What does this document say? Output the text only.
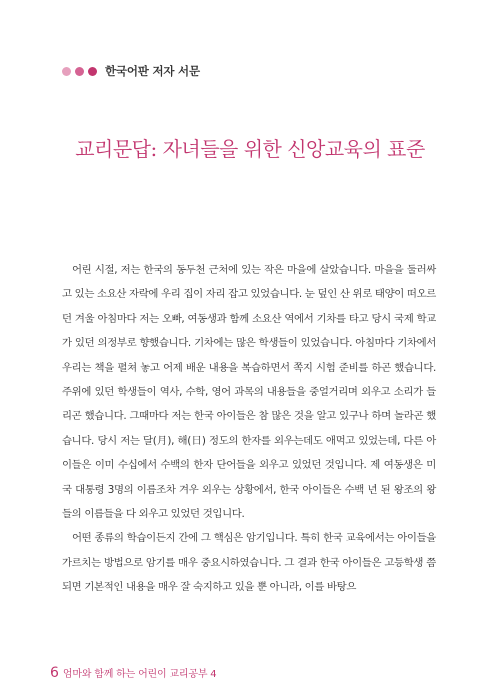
한국어판 저자 서문
교리문답: 자녀들을 위한 신앙교육의 표준

어린 시절, 저는 한국의 동두천 근처에 있는 작은 마을에 살았습니다. 마을을 둘러싸고 있는 소요산 자락에 우리 집이 자리 잡고 있었습니다. 눈 덮인 산 위로 태양이 떠오르던 겨울 아침마다 저는 오빠, 여동생과 함께 소요산 역에서 기차를 타고 당시 국제 학교가 있던 의정부로 향했습니다. 기차에는 많은 학생들이 있었습니다. 아침마다 기차에서 우리는 책을 펼쳐 놓고 어제 배운 내용을 복습하면서 쪽지 시험 준비를 하곤 했습니다. 주위에 있던 학생들이 역사, 수학, 영어 과목의 내용들을 중얼거리며 외우고 소리가 들리곤 했습니다. 그때마다 저는 한국 아이들은 참 많은 것을 알고 있구나 하며 놀라곤 했습니다. 당시 저는 달(月), 해(日) 정도의 한자를 외우는데도 애먹고 있었는데, 다른 아이들은 이미 수십에서 수백의 한자 단어들을 외우고 있었던 것입니다. 제 여동생은 미국 대통령 3명의 이름조차 겨우 외우는 상황에서, 한국 아이들은 수백 년 된 왕조의 왕들의 이름들을 다 외우고 있었던 것입니다.

어떤 종류의 학습이든지 간에 그 핵심은 암기입니다. 특히 한국 교육에서는 아이들을 가르치는 방법으로 암기를 매우 중요시하였습니다. 그 결과 한국 아이들은 고등학생 쯤 되면 기본적인 내용을 매우 잘 숙지하고 있을 뿐 아니라, 이를 바탕으

6 엄마와 함께 하는 어린이 교리공부 4
